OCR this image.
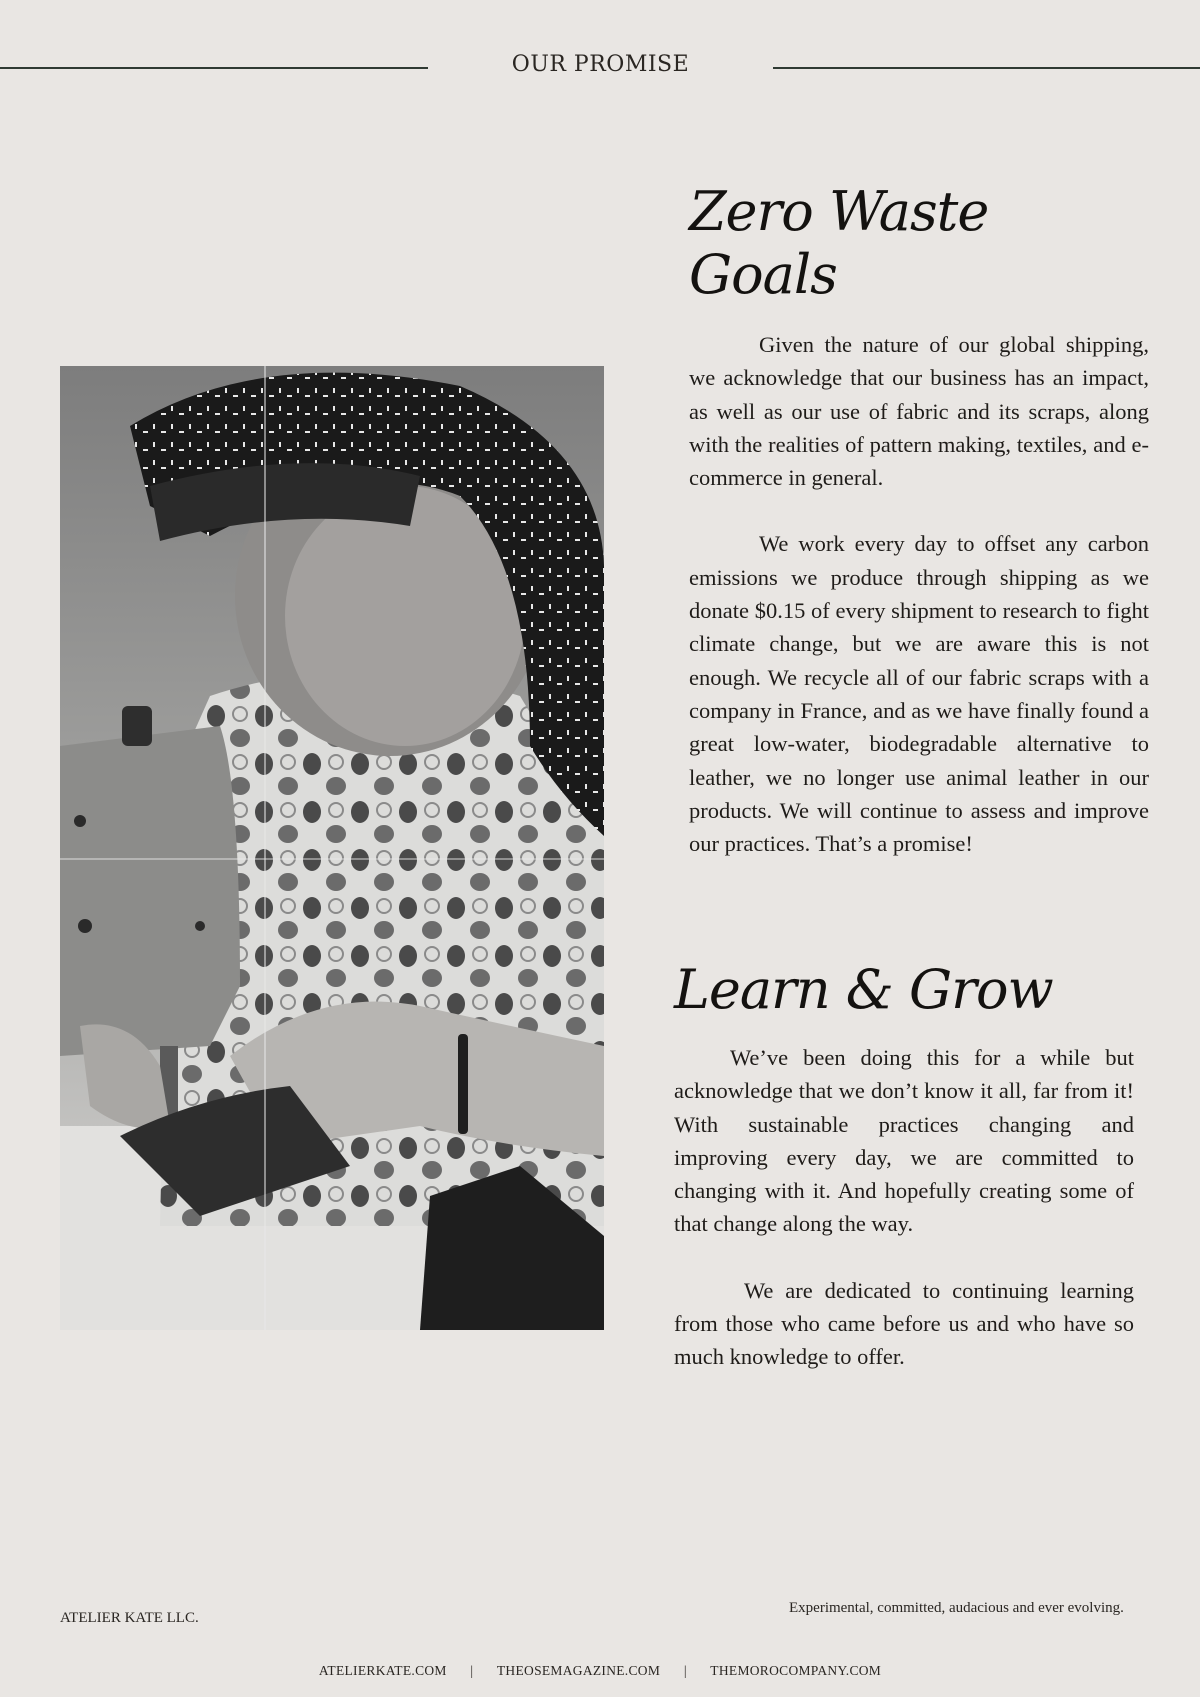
OUR PROMISE
Zero Waste Goals

Given the nature of our global shipping, we acknowledge that our business has an impact, as well as our use of fabric and its scraps, along with the realities of pattern making, textiles, and e-commerce in general.

We work every day to offset any carbon emissions we produce through shipping as we donate $0.15 of every shipment to research to fight climate change, but we are aware this is not enough. We recycle all of our fabric scraps with a company in France, and as we have finally found a great low-water, biodegradable alternative to leather, we no longer use animal leather in our products. We will continue to assess and improve our practices. That’s a promise!

Learn & Grow

We’ve been doing this for a while but acknowledge that we don’t know it all, far from it! With sustainable practices changing and improving every day, we are committed to changing with it. And hopefully creating some of that change along the way.

We are dedicated to continuing learning from those who came before us and who have so much knowledge to offer.

ATELIER KATE LLC.
Experimental, committed, audacious and ever evolving.
ATELIERKATE.COM | THEOSEMAGAZINE.COM | THEMOROCOMPANY.COM
